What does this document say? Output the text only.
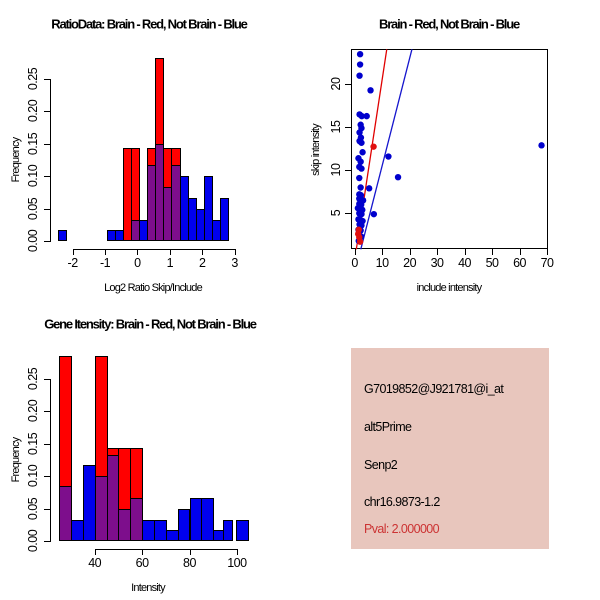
RatioData: Brain - Red, Not Brain - Blue
Log2 Ratio Skip/Include
Frequency
Brain - Red, Not Brain - Blue
include intensity
skip intensity
Gene Itensity: Brain - Red, Not Brain - Blue
Intensity
Frequency
G7019852@J921781@i_at
alt5Prime
Senp2
chr16.9873-1.2
Pval: 2.000000
0.00
0.05
0.10
0.15
0.20
0.25
-2 -1 0 1 2 3	0 10 20 30 40 50 60 70
5
10
15
20
0.00
0.05
0.10
0.15
0.20
0.25
40	60	80	100
